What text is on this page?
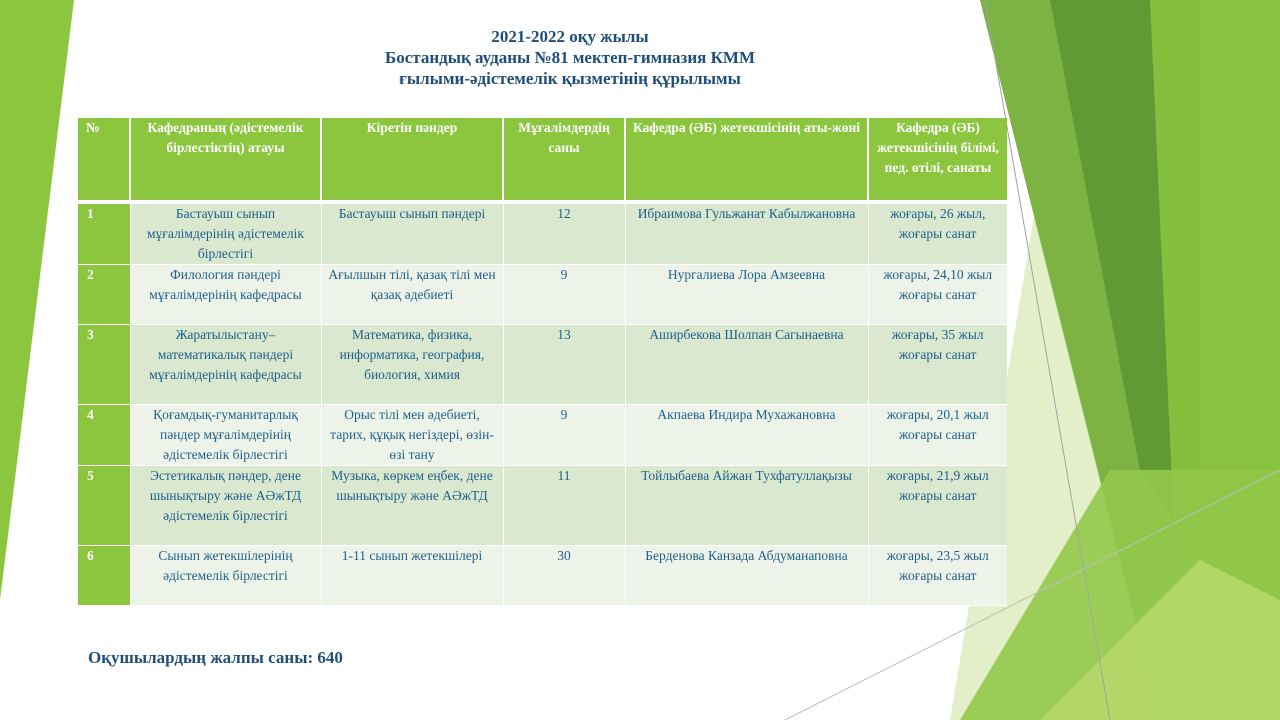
2021-2022 оқу жылы
Бостандық ауданы №81 мектеп-гимназия КММ
ғылыми-әдістемелік қызметінің құрылымы
№	Кафедраның (әдістемелік бірлестіктің) атауы	Кіретін пәндер	Мұғалімдердің саны	Кафедра (ӘБ) жетекшісінің аты-жөні	Кафедра (ӘБ) жетекшісінің білімі, пед. өтілі, санаты
1	Бастауыш сынып мұғалімдерінің әдістемелік бірлестігі	Бастауыш сынып пәндері	12	Ибраимова Гульжанат Кабылжановна	жоғары, 26 жыл, жоғары санат
2	Филология пәндері мұғалімдерінің кафедрасы	Ағылшын тілі, қазақ тілі мен қазақ әдебиеті	9	Нургалиева Лора Амзеевна	жоғары, 24,10 жыл жоғары санат
3	Жаратылыстану–математикалық пәндері мұғалімдерінің кафедрасы	Математика, физика, информатика, география, биология, химия	13	Аширбекова Шолпан Сагынаевна	жоғары, 35 жыл жоғары санат
4	Қоғамдық-гуманитарлық пәндер мұғалімдерінің әдістемелік бірлестігі	Орыс тілі мен әдебиеті, тарих, құқық негіздері, өзін-өзі тану	9	Акпаева Индира Мухажановна	жоғары, 20,1 жыл жоғары санат
5	Эстетикалық пәндер, дене шынықтыру және АӘжТД әдістемелік бірлестігі	Музыка, көркем еңбек, дене шынықтыру және АӘжТД	11	Тойлыбаева Айжан Тухфатуллақызы	жоғары, 21,9 жыл жоғары санат
6	Сынып жетекшілерінің әдістемелік бірлестігі	1-11 сынып жетекшілері	30	Берденова Канзада Абдуманаповна	жоғары, 23,5 жыл жоғары санат
Оқушылардың жалпы саны: 640
